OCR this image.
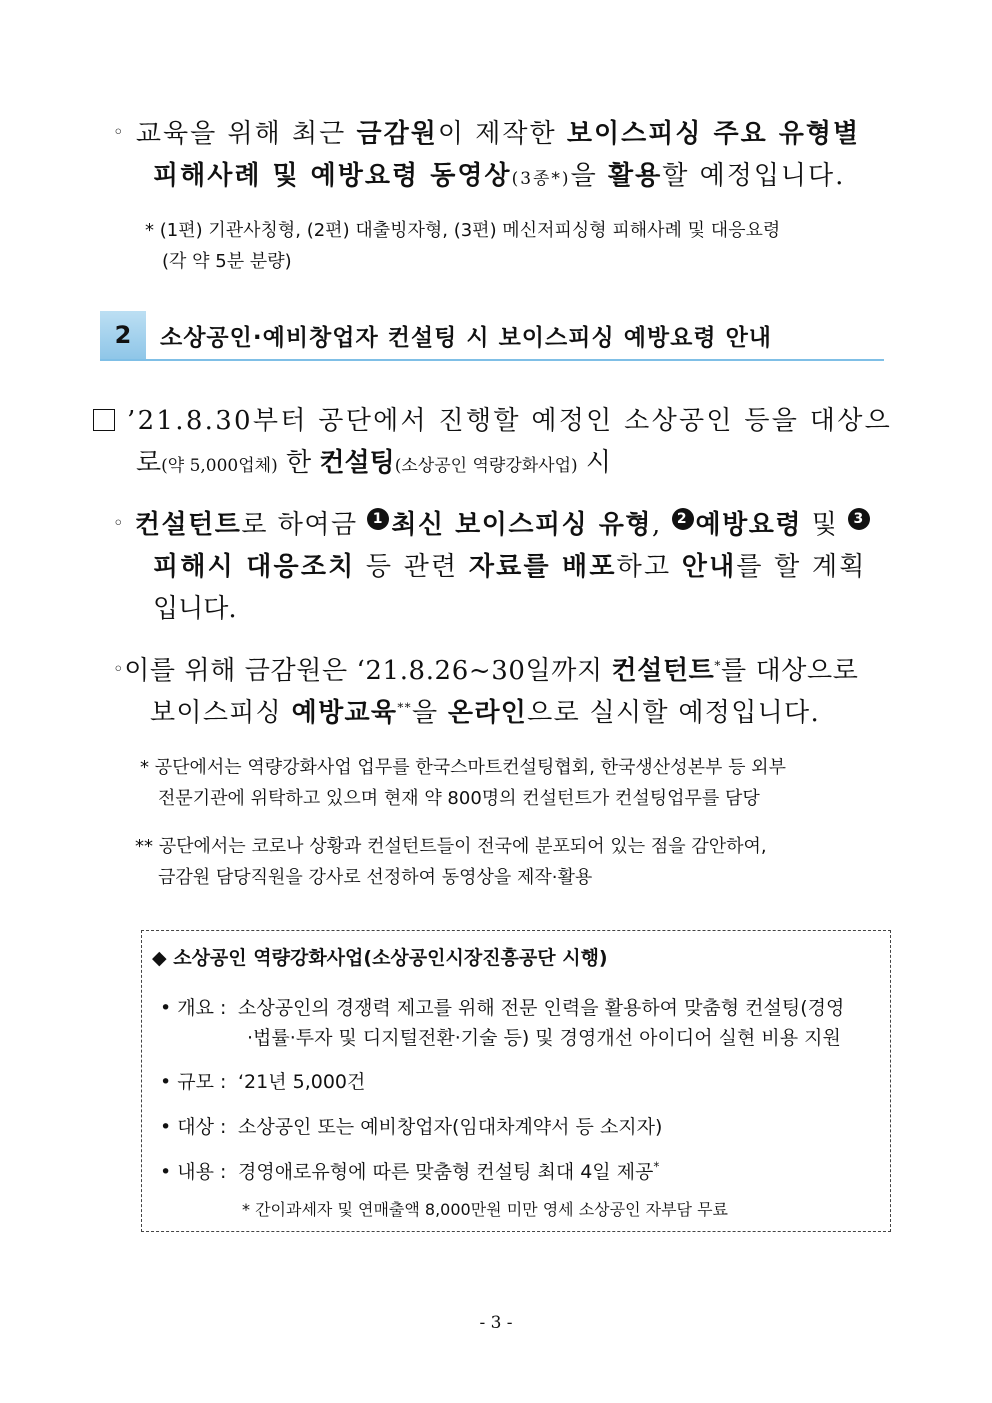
◦ 교육을 위해 최근 금감원이 제작한 보이스피싱 주요 유형별
피해사례 및 예방요령 동영상(3종*)을 활용할 예정입니다.
* (1편) 기관사칭형, (2편) 대출빙자형, (3편) 메신저피싱형 피해사례 및 대응요령
(각 약 5분 분량)
2	소상공인·예비창업자 컨설팅 시 보이스피싱 예방요령 안내
’21.8.30부터 공단에서 진행할 예정인 소상공인 등을 대상으
로(약 5,000업체) 한 컨설팅(소상공인 역량강화사업) 시
◦ 컨설턴트로 하여금 1 최신 보이스피싱 유형, 2 예방요령 및 3
피해시 대응조치 등 관련 자료를 배포하고 안내를 할 계획
입니다.
◦이를 위해 금감원은 ‘21.8.26~30일까지 컨설턴트*를 대상으로
보이스피싱 예방교육**을 온라인으로 실시할 예정입니다.
* 공단에서는 역량강화사업 업무를 한국스마트컨설팅협회, 한국생산성본부 등 외부
전문기관에 위탁하고 있으며 현재 약 800명의 컨설턴트가 컨설팅업무를 담당
** 공단에서는 코로나 상황과 컨설턴트들이 전국에 분포되어 있는 점을 감안하여,
금감원 담당직원을 강사로 선정하여 동영상을 제작·활용
◆ 소상공인 역량강화사업(소상공인시장진흥공단 시행)
• 개요 : 소상공인의 경쟁력 제고를 위해 전문 인력을 활용하여 맞춤형 컨설팅(경영
·법률·투자 및 디지털전환·기술 등) 및 경영개선 아이디어 실현 비용 지원
• 규모 : ‘21년 5,000건
• 대상 : 소상공인 또는 예비창업자(임대차계약서 등 소지자)
• 내용 : 경영애로유형에 따른 맞춤형 컨설팅 최대 4일 제공*
* 간이과세자 및 연매출액 8,000만원 미만 영세 소상공인 자부담 무료
- 3 -
